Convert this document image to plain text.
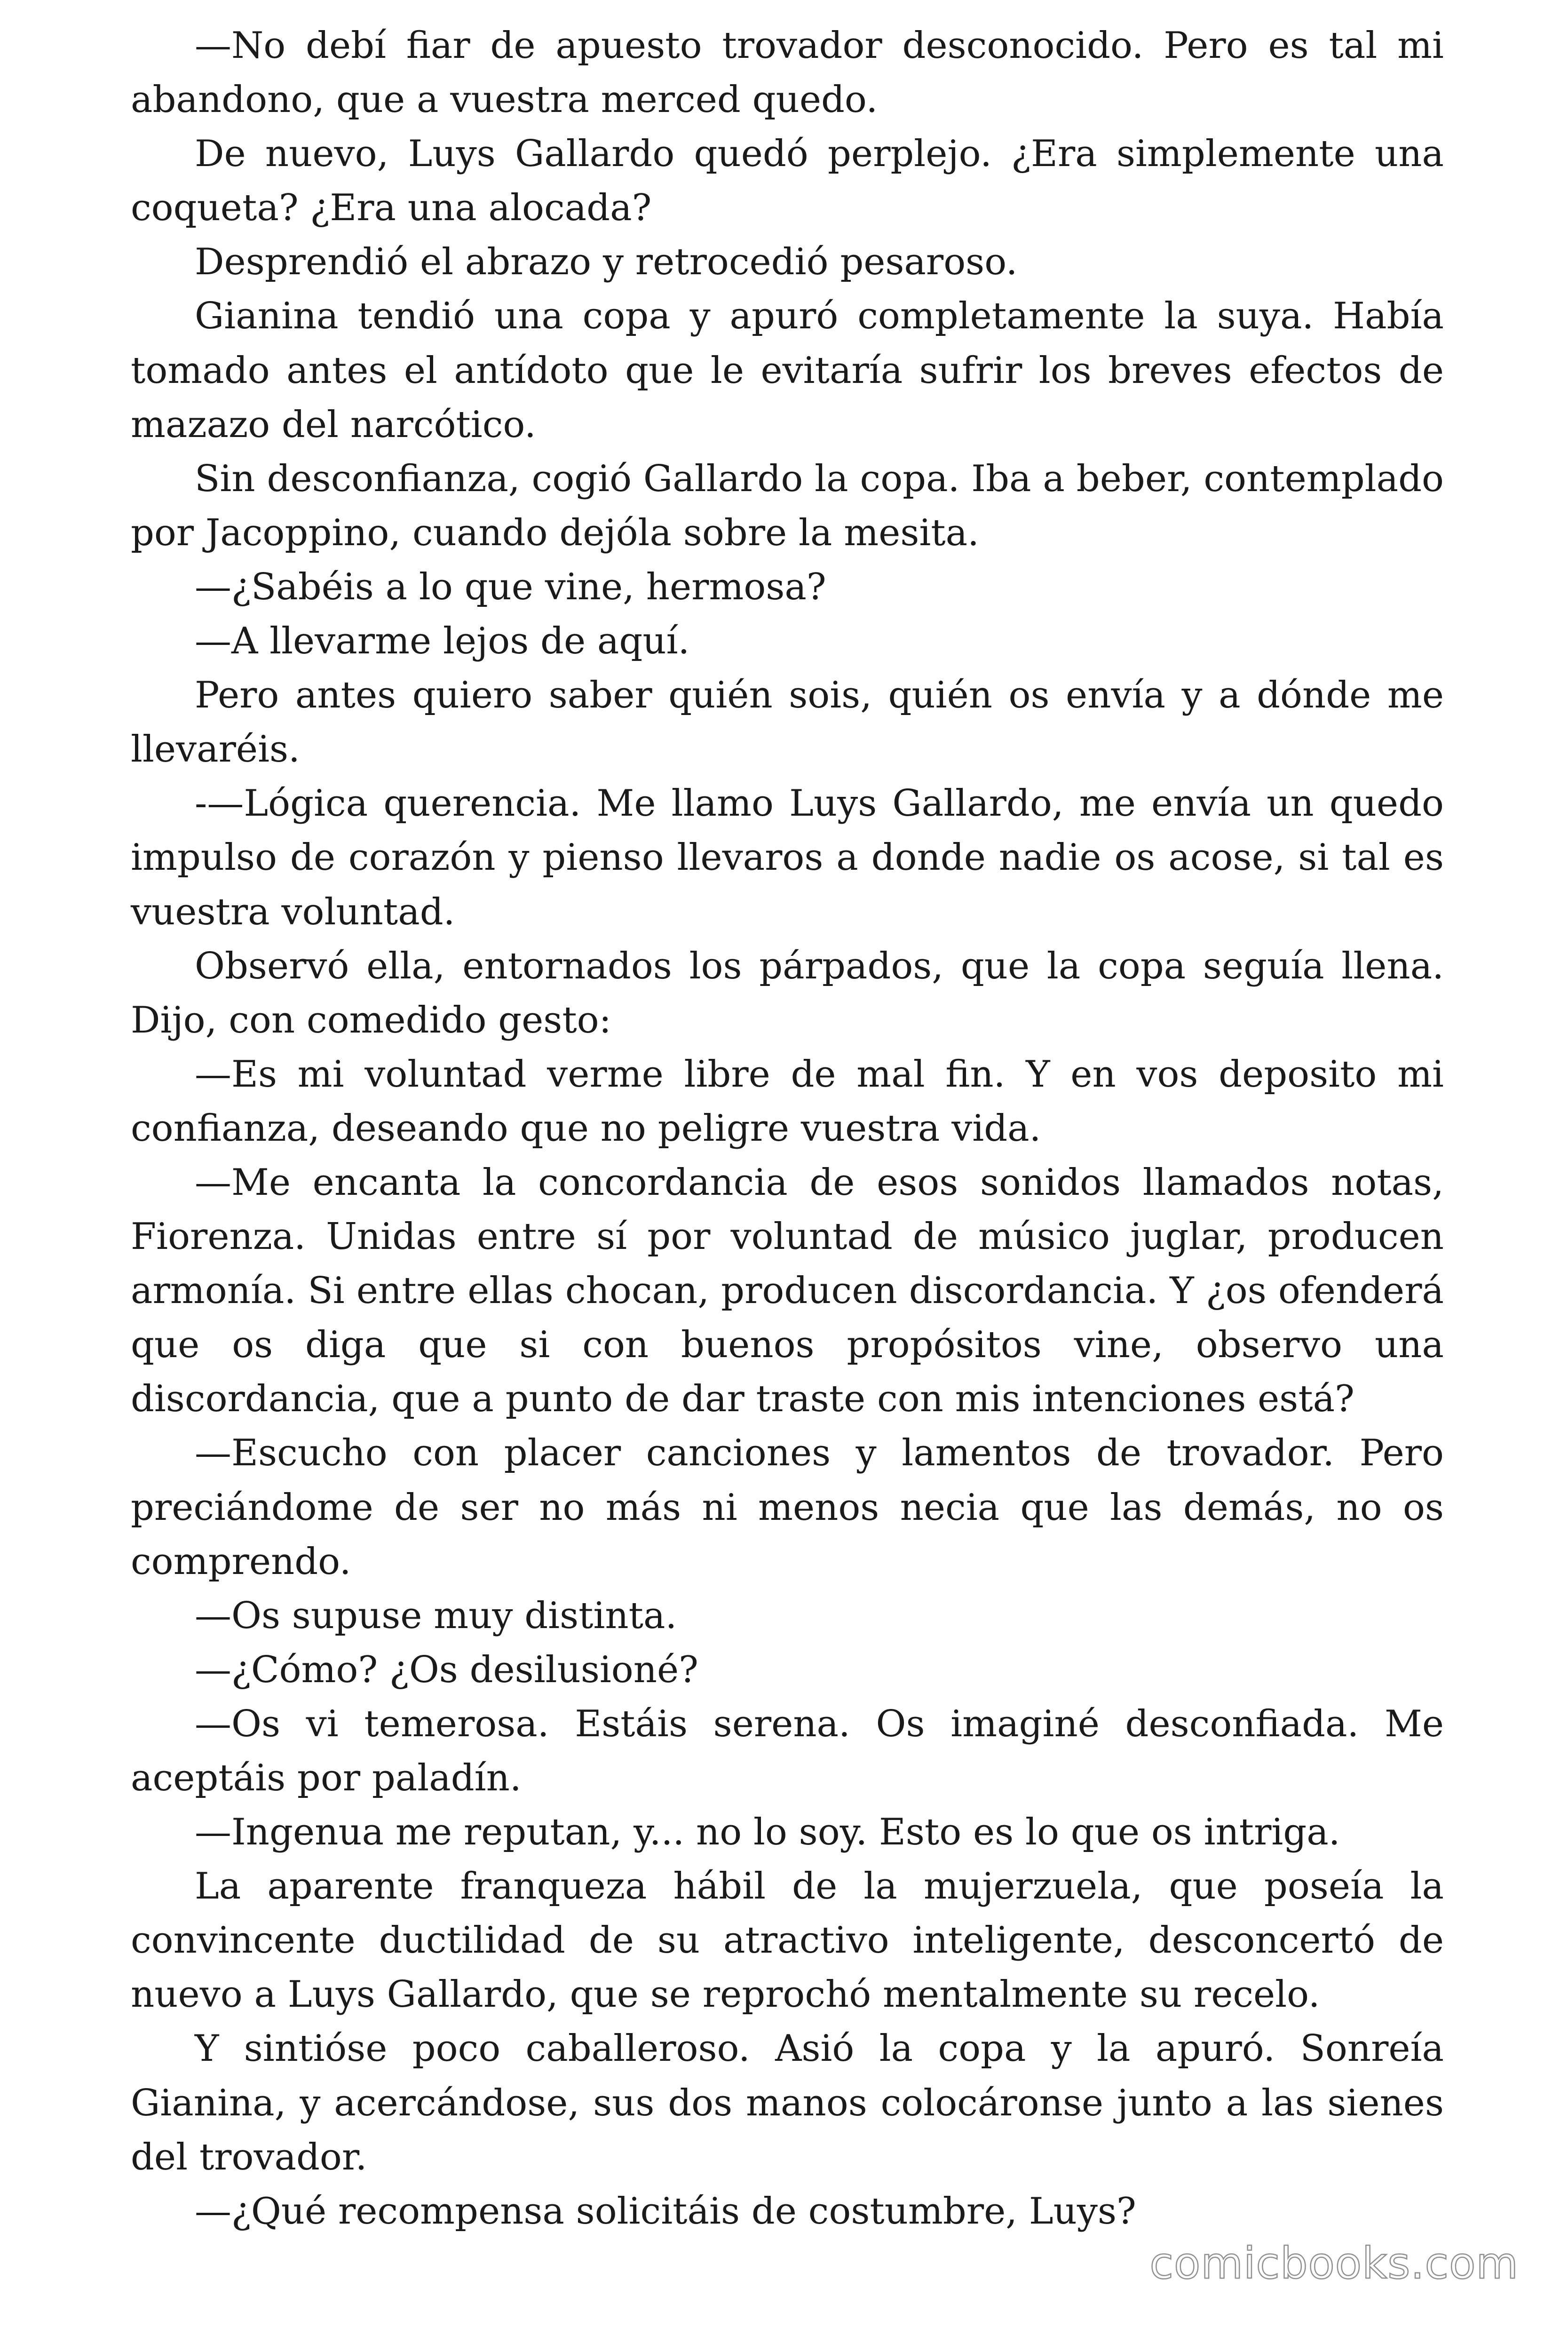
—No debí fiar de apuesto trovador desconocido. Pero es tal mi abandono, que a vuestra merced quedo.

De nuevo, Luys Gallardo quedó perplejo. ¿Era simplemente una coqueta? ¿Era una alocada?

Desprendió el abrazo y retrocedió pesaroso.

Gianina tendió una copa y apuró completamente la suya. Había tomado antes el antídoto que le evitaría sufrir los breves efectos de mazazo del narcótico.

Sin desconfianza, cogió Gallardo la copa. Iba a beber, contemplado por Jacoppino, cuando dejóla sobre la mesita.

—¿Sabéis a lo que vine, hermosa?

—A llevarme lejos de aquí.

Pero antes quiero saber quién sois, quién os envía y a dónde me llevaréis.

-—Lógica querencia. Me llamo Luys Gallardo, me envía un quedo impulso de corazón y pienso llevaros a donde nadie os acose, si tal es vuestra voluntad.

Observó ella, entornados los párpados, que la copa seguía llena. Dijo, con comedido gesto:

—Es mi voluntad verme libre de mal fin. Y en vos deposito mi confianza, deseando que no peligre vuestra vida.

—Me encanta la concordancia de esos sonidos llamados notas, Fiorenza. Unidas entre sí por voluntad de músico juglar, producen armonía. Si entre ellas chocan, producen discordancia. Y ¿os ofenderá que os diga que si con buenos propósitos vine, observo una discordancia, que a punto de dar traste con mis intenciones está?

—Escucho con placer canciones y lamentos de trovador. Pero preciándome de ser no más ni menos necia que las demás, no os comprendo.

—Os supuse muy distinta.

—¿Cómo? ¿Os desilusioné?

—Os vi temerosa. Estáis serena. Os imaginé desconfiada. Me aceptáis por paladín.

—Ingenua me reputan, y... no lo soy. Esto es lo que os intriga.

La aparente franqueza hábil de la mujerzuela, que poseía la convincente ductilidad de su atractivo inteligente, desconcertó de nuevo a Luys Gallardo, que se reprochó mentalmente su recelo.

Y sintióse poco caballeroso. Asió la copa y la apuró. Sonreía Gianina, y acercándose, sus dos manos colocáronse junto a las sienes del trovador.

—¿Qué recompensa solicitáis de costumbre, Luys?

comicbooks.com
